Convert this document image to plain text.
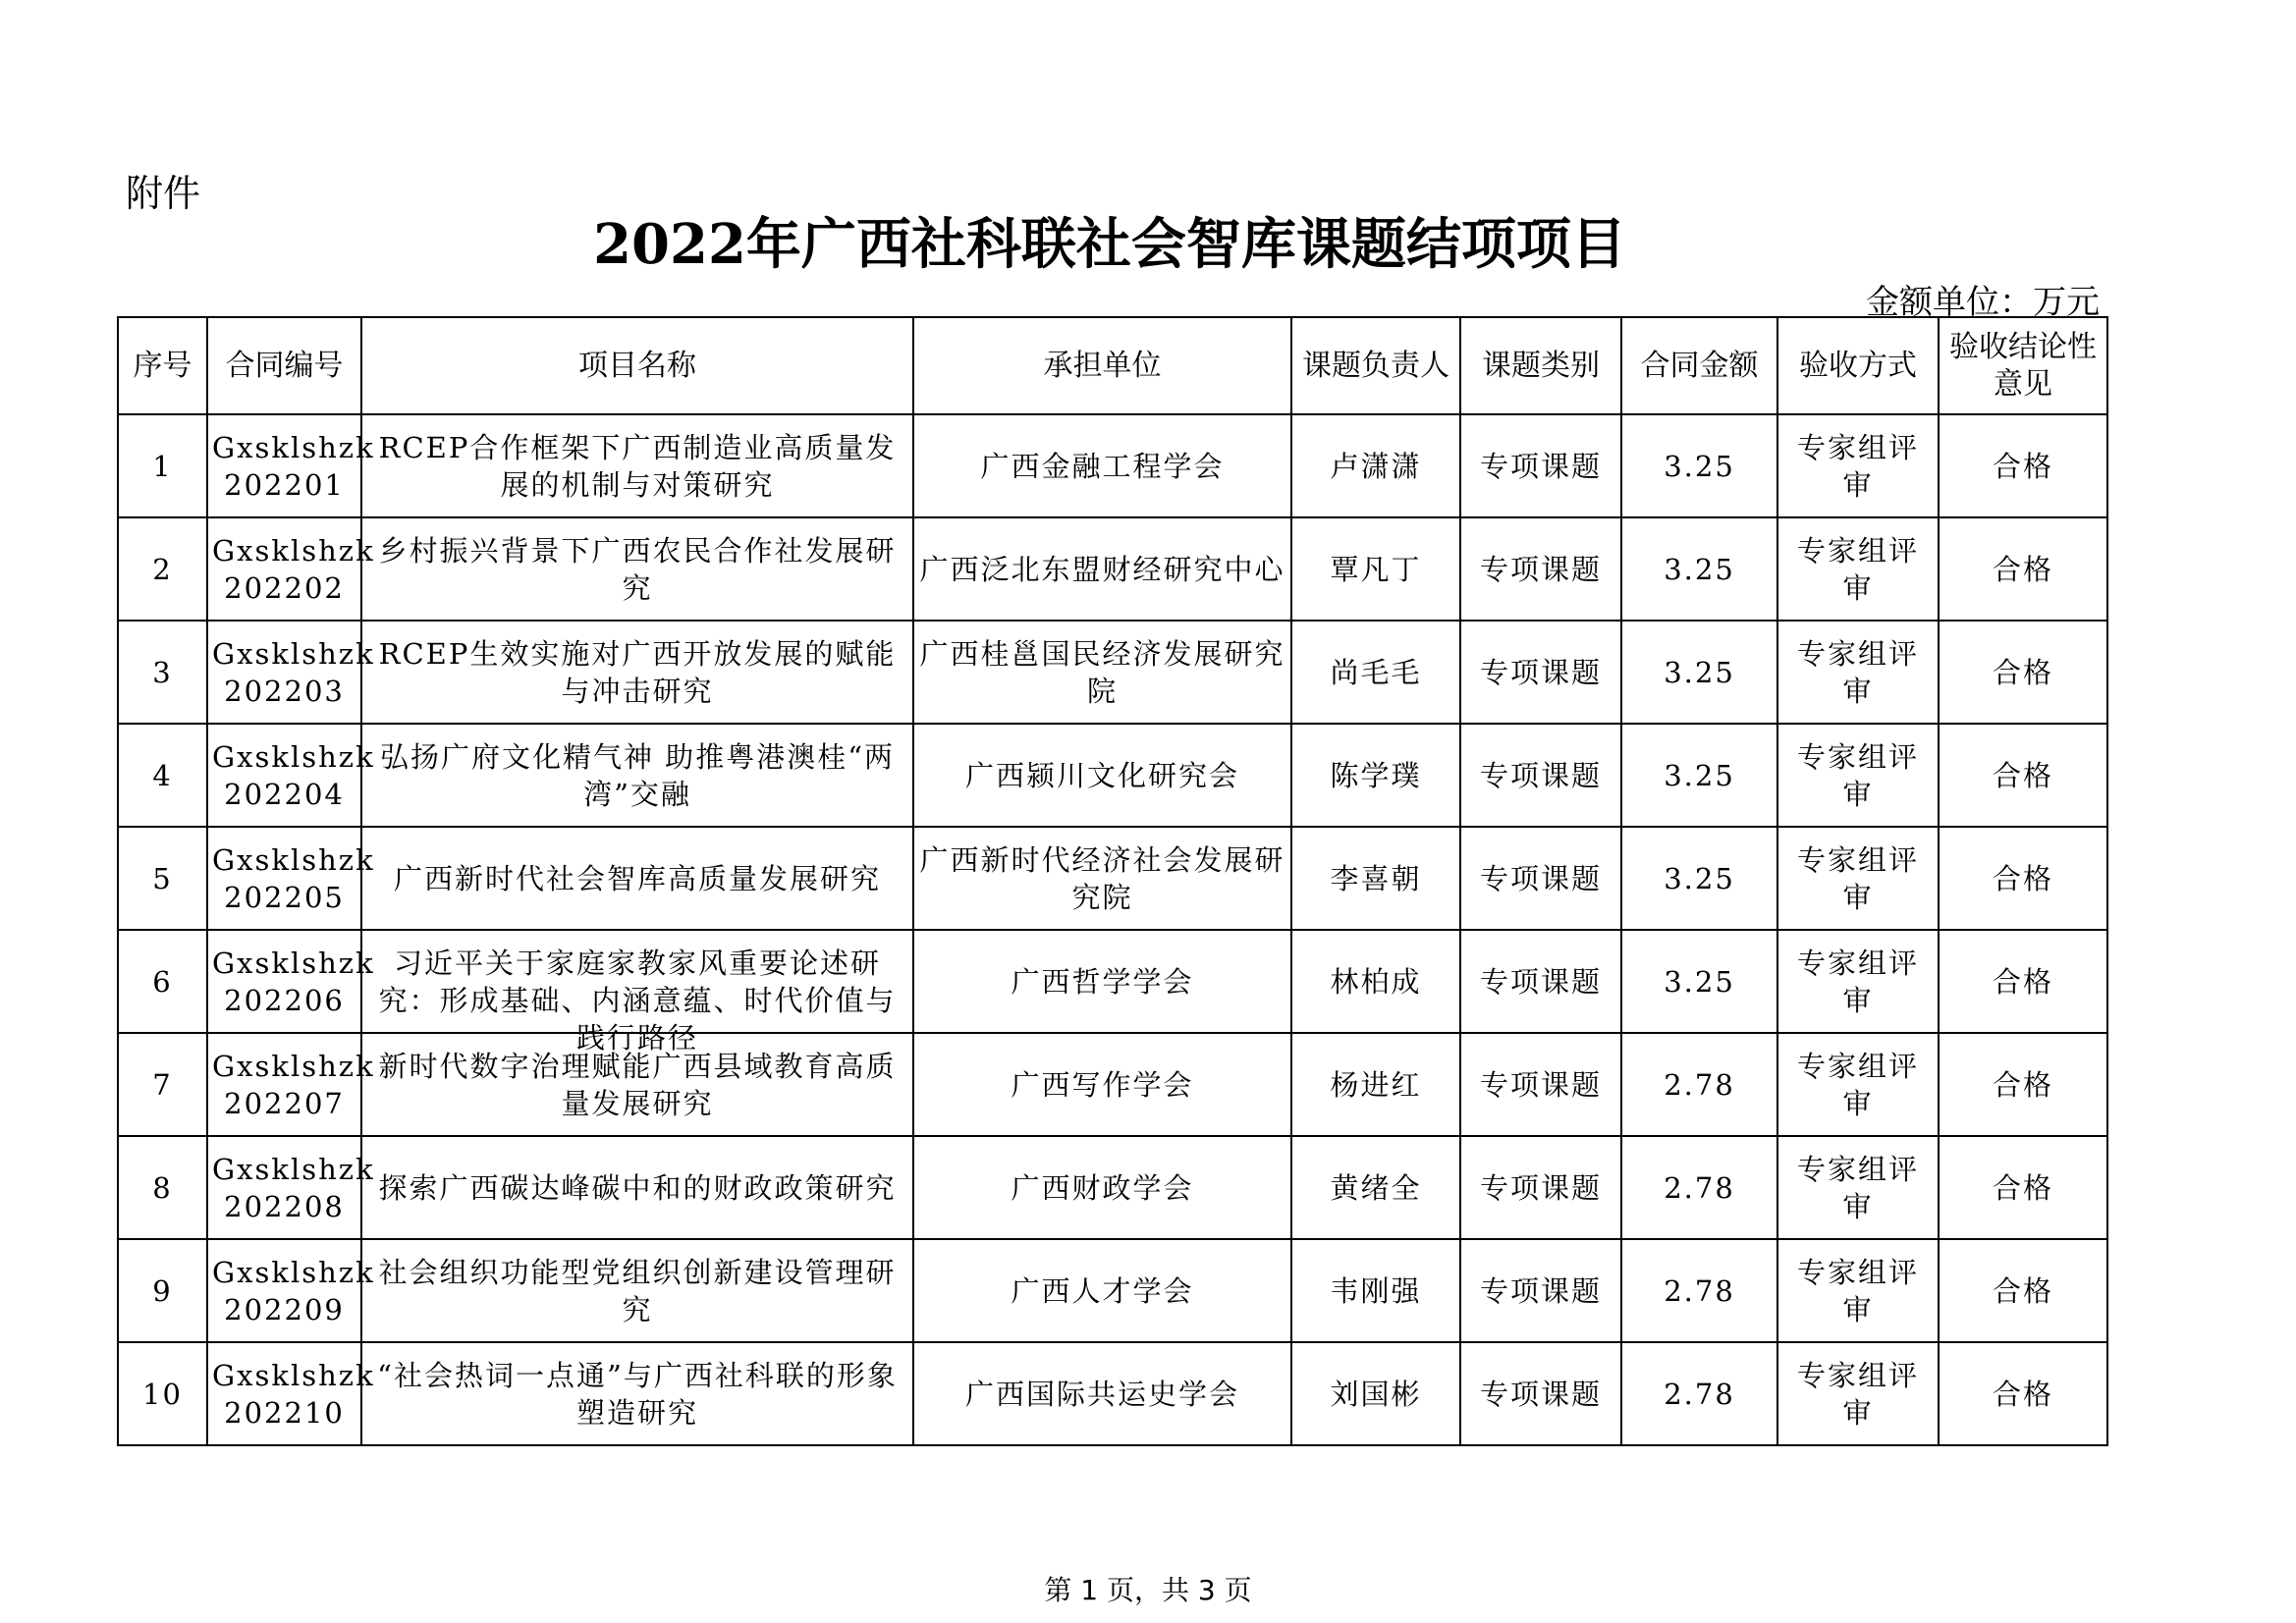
附件
2022年广西社科联社会智库课题结项项目
金额单位：万元
序号	合同编号	项目名称	承担单位	课题负责人	课题类别	合同金额	验收方式	验收结论性意见
1	Gxsklshzk 202201	RCEP合作框架下广西制造业高质量发展的机制与对策研究	广西金融工程学会	卢潇潇	专项课题	3.25	专家组评审	合格
2	Gxsklshzk 202202	乡村振兴背景下广西农民合作社发展研究	广西泛北东盟财经研究中心	覃凡丁	专项课题	3.25	专家组评审	合格
3	Gxsklshzk 202203	RCEP生效实施对广西开放发展的赋能与冲击研究	广西桂邕国民经济发展研究院	尚毛毛	专项课题	3.25	专家组评审	合格
4	Gxsklshzk 202204	弘扬广府文化精气神 助推粤港澳桂“两湾”交融	广西颍川文化研究会	陈学璞	专项课题	3.25	专家组评审	合格
5	Gxsklshzk 202205	广西新时代社会智库高质量发展研究	广西新时代经济社会发展研究院	李喜朝	专项课题	3.25	专家组评审	合格
6	Gxsklshzk 202206	习近平关于家庭家教家风重要论述研究：形成基础、内涵意蕴、时代价值与践行路径	广西哲学学会	林柏成	专项课题	3.25	专家组评审	合格
7	Gxsklshzk 202207	新时代数字治理赋能广西县域教育高质量发展研究	广西写作学会	杨进红	专项课题	2.78	专家组评审	合格
8	Gxsklshzk 202208	探索广西碳达峰碳中和的财政政策研究	广西财政学会	黄绪全	专项课题	2.78	专家组评审	合格
9	Gxsklshzk 202209	社会组织功能型党组织创新建设管理研究	广西人才学会	韦刚强	专项课题	2.78	专家组评审	合格
10	Gxsklshzk 202210	“社会热词一点通”与广西社科联的形象塑造研究	广西国际共运史学会	刘国彬	专项课题	2.78	专家组评审	合格
第 1 页，共 3 页
